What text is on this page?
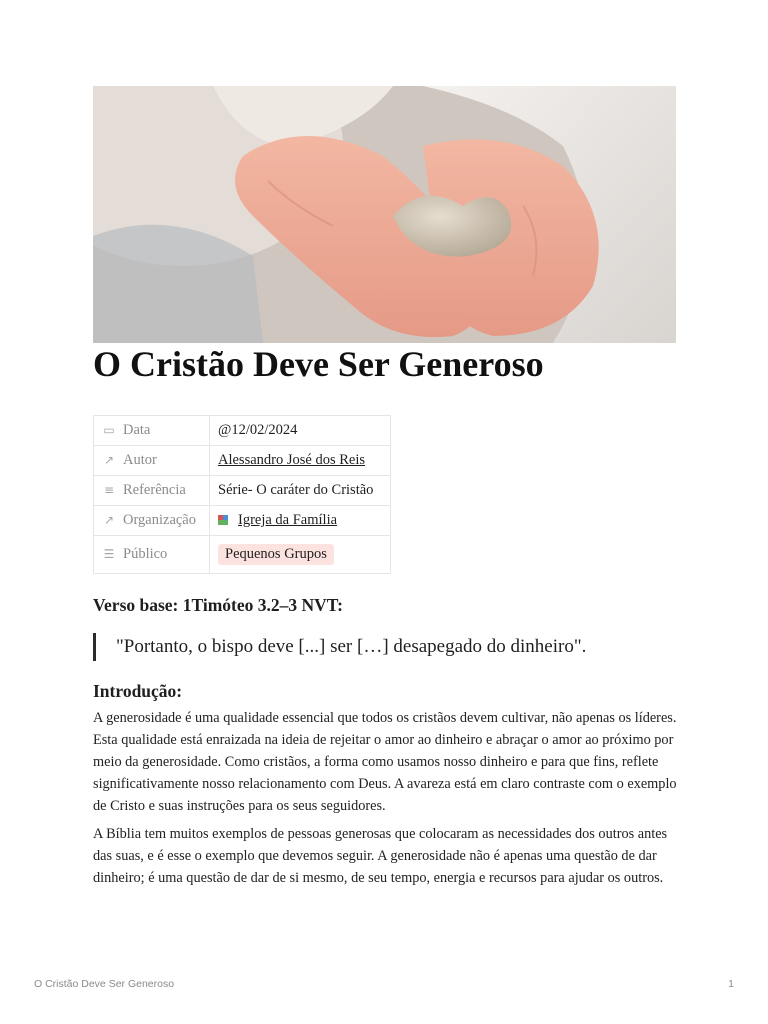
O Cristão Deve Ser Generoso
▭ Data	@12/02/2024
↗ Autor	Alessandro José dos Reis
≡ Referência	Série- O caráter do Cristão
↗ Organização	Igreja da Família
☰ Público	Pequenos Grupos
Verso base: 1Timóteo 3.2–3 NVT:
"Portanto, o bispo deve [...] ser […] desapegado do dinheiro".
Introdução:

A generosidade é uma qualidade essencial que todos os cristãos devem cultivar, não apenas os líderes. Esta qualidade está enraizada na ideia de rejeitar o amor ao dinheiro e abraçar o amor ao próximo por meio da generosidade. Como cristãos, a forma como usamos nosso dinheiro e para que fins, reflete significativamente nosso relacionamento com Deus. A avareza está em claro contraste com o exemplo de Cristo e suas instruções para os seus seguidores.

A Bíblia tem muitos exemplos de pessoas generosas que colocaram as necessidades dos outros antes das suas, e é esse o exemplo que devemos seguir. A generosidade não é apenas uma questão de dar dinheiro; é uma questão de dar de si mesmo, de seu tempo, energia e recursos para ajudar os outros.

O Cristão Deve Ser Generoso	1
